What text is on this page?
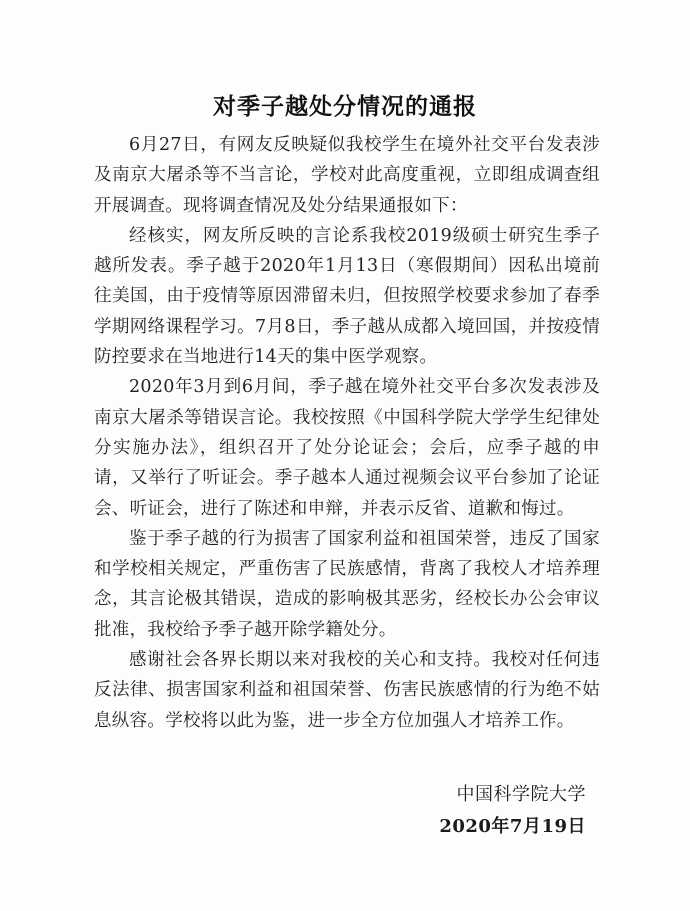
对季子越处分情况的通报

6月27日，有网友反映疑似我校学生在境外社交平台发表涉及南京大屠杀等不当言论，学校对此高度重视，立即组成调查组开展调查。现将调查情况及处分结果通报如下：

经核实，网友所反映的言论系我校2019级硕士研究生季子越所发表。季子越于2020年1月13日（寒假期间）因私出境前往美国，由于疫情等原因滞留未归，但按照学校要求参加了春季学期网络课程学习。7月8日，季子越从成都入境回国，并按疫情防控要求在当地进行14天的集中医学观察。

2020年3月到6月间，季子越在境外社交平台多次发表涉及南京大屠杀等错误言论。我校按照《中国科学院大学学生纪律处分实施办法》，组织召开了处分论证会；会后，应季子越的申请，又举行了听证会。季子越本人通过视频会议平台参加了论证会、听证会，进行了陈述和申辩，并表示反省、道歉和悔过。

鉴于季子越的行为损害了国家利益和祖国荣誉，违反了国家和学校相关规定，严重伤害了民族感情，背离了我校人才培养理念，其言论极其错误，造成的影响极其恶劣，经校长办公会审议批准，我校给予季子越开除学籍处分。

感谢社会各界长期以来对我校的关心和支持。我校对任何违反法律、损害国家利益和祖国荣誉、伤害民族感情的行为绝不姑息纵容。学校将以此为鉴，进一步全方位加强人才培养工作。

中国科学院大学
2020年7月19日
